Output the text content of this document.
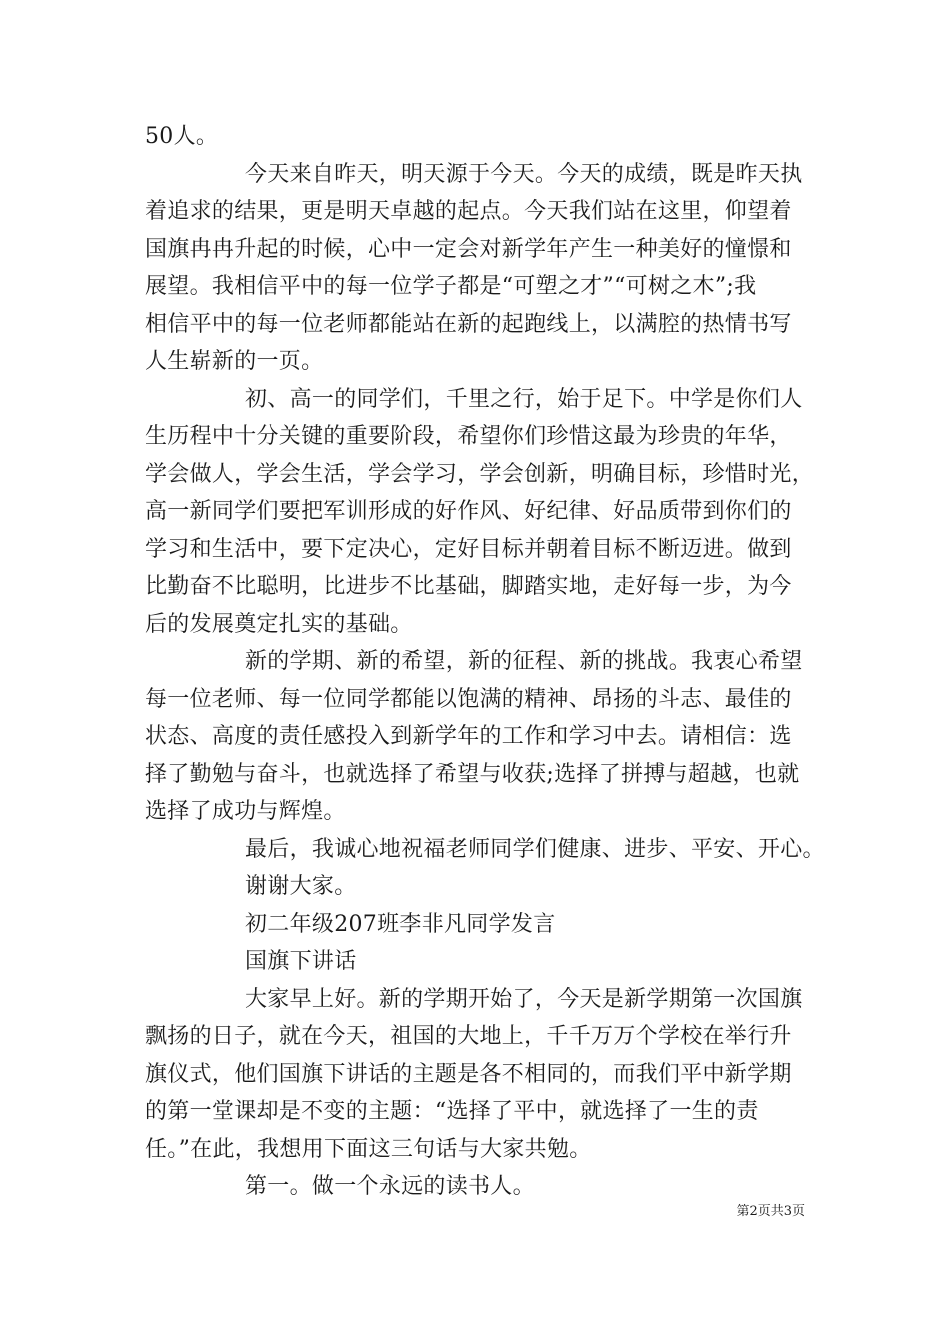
50人。
今天来自昨天，明天源于今天。今天的成绩，既是昨天执
着追求的结果，更是明天卓越的起点。今天我们站在这里，仰望着
国旗冉冉升起的时候，心中一定会对新学年产生一种美好的憧憬和
展望。我相信平中的每一位学子都是“可塑之才”“可树之木”;我
相信平中的每一位老师都能站在新的起跑线上，以满腔的热情书写
人生崭新的一页。
初、高一的同学们，千里之行，始于足下。中学是你们人
生历程中十分关键的重要阶段，希望你们珍惜这最为珍贵的年华，
学会做人，学会生活，学会学习，学会创新，明确目标，珍惜时光，
高一新同学们要把军训形成的好作风、好纪律、好品质带到你们的
学习和生活中，要下定决心，定好目标并朝着目标不断迈进。做到
比勤奋不比聪明，比进步不比基础，脚踏实地，走好每一步，为今
后的发展奠定扎实的基础。
新的学期、新的希望，新的征程、新的挑战。我衷心希望
每一位老师、每一位同学都能以饱满的精神、昂扬的斗志、最佳的
状态、高度的责任感投入到新学年的工作和学习中去。请相信：选
择了勤勉与奋斗，也就选择了希望与收获;选择了拼搏与超越，也就
选择了成功与辉煌。
最后，我诚心地祝福老师同学们健康、进步、平安、开心。
谢谢大家。
初二年级207班李非凡同学发言
国旗下讲话
大家早上好。新的学期开始了，今天是新学期第一次国旗
飘扬的日子，就在今天，祖国的大地上，千千万万个学校在举行升
旗仪式，他们国旗下讲话的主题是各不相同的，而我们平中新学期
的第一堂课却是不变的主题：“选择了平中，就选择了一生的责
任。”在此，我想用下面这三句话与大家共勉。
第一。做一个永远的读书人。
第2页共3页
